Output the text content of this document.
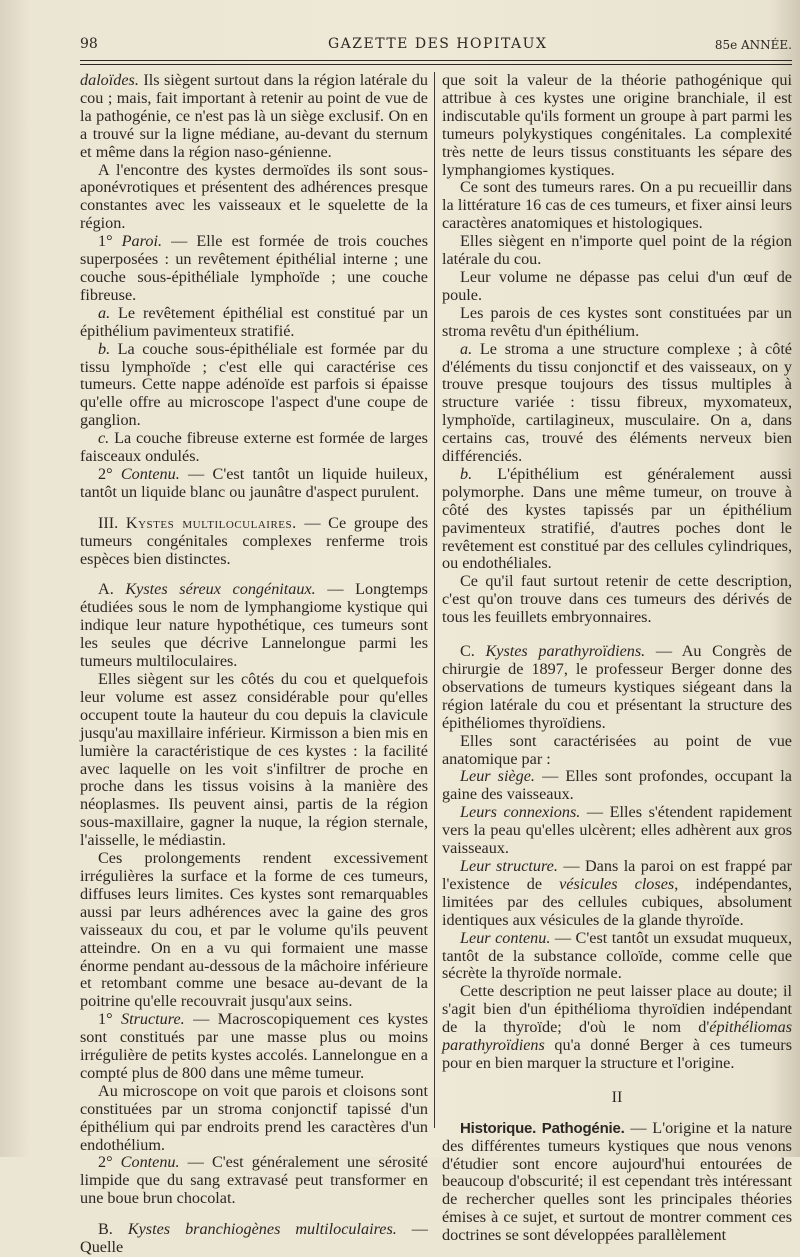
98	GAZETTE DES HOPITAUX	85e ANNÉE.

daloïdes. Ils siègent surtout dans la région latérale du cou ; mais, fait important à retenir au point de vue de la pathogénie, ce n'est pas là un siège exclusif. On en a trouvé sur la ligne médiane, au-devant du sternum et même dans la région naso-génienne.

A l'encontre des kystes dermoïdes ils sont sous-aponévrotiques et présentent des adhérences presque constantes avec les vaisseaux et le squelette de la région.

1° Paroi. — Elle est formée de trois couches superposées : un revêtement épithélial interne ; une couche sous-épithéliale lymphoïde ; une couche fibreuse.

a. Le revêtement épithélial est constitué par un épithélium pavimenteux stratifié.

b. La couche sous-épithéliale est formée par du tissu lymphoïde ; c'est elle qui caractérise ces tumeurs. Cette nappe adénoïde est parfois si épaisse qu'elle offre au microscope l'aspect d'une coupe de ganglion.

c. La couche fibreuse externe est formée de larges faisceaux ondulés.

2° Contenu. — C'est tantôt un liquide huileux, tantôt un liquide blanc ou jaunâtre d'aspect purulent.

III. Kystes multiloculaires. — Ce groupe des tumeurs congénitales complexes renferme trois espèces bien distinctes.

A. Kystes séreux congénitaux. — Longtemps étudiées sous le nom de lymphangiome kystique qui indique leur nature hypothétique, ces tumeurs sont les seules que décrive Lannelongue parmi les tumeurs multiloculaires.

Elles siègent sur les côtés du cou et quelquefois leur volume est assez considérable pour qu'elles occupent toute la hauteur du cou depuis la clavicule jusqu'au maxillaire inférieur. Kirmisson a bien mis en lumière la caractéristique de ces kystes : la facilité avec laquelle on les voit s'infiltrer de proche en proche dans les tissus voisins à la manière des néoplasmes. Ils peuvent ainsi, partis de la région sous-maxillaire, gagner la nuque, la région sternale, l'aisselle, le médiastin.

Ces prolongements rendent excessivement irrégulières la surface et la forme de ces tumeurs, diffuses leurs limites. Ces kystes sont remarquables aussi par leurs adhérences avec la gaine des gros vaisseaux du cou, et par le volume qu'ils peuvent atteindre. On en a vu qui formaient une masse énorme pendant au-dessous de la mâchoire inférieure et retombant comme une besace au-devant de la poitrine qu'elle recouvrait jusqu'aux seins.

1° Structure. — Macroscopiquement ces kystes sont constitués par une masse plus ou moins irrégulière de petits kystes accolés. Lannelongue en a compté plus de 800 dans une même tumeur.

Au microscope on voit que parois et cloisons sont constituées par un stroma conjonctif tapissé d'un épithélium qui par endroits prend les caractères d'un endothélium.

2° Contenu. — C'est généralement une sérosité limpide que du sang extravasé peut transformer en une boue brun chocolat.

B. Kystes branchiogènes multiloculaires. — Quelle

que soit la valeur de la théorie pathogénique qui attribue à ces kystes une origine branchiale, il est indiscutable qu'ils forment un groupe à part parmi les tumeurs polykystiques congénitales. La complexité très nette de leurs tissus constituants les sépare des lymphangiomes kystiques.

Ce sont des tumeurs rares. On a pu recueillir dans la littérature 16 cas de ces tumeurs, et fixer ainsi leurs caractères anatomiques et histologiques.

Elles siègent en n'importe quel point de la région latérale du cou.

Leur volume ne dépasse pas celui d'un œuf de poule.

Les parois de ces kystes sont constituées par un stroma revêtu d'un épithélium.

a. Le stroma a une structure complexe ; à côté d'éléments du tissu conjonctif et des vaisseaux, on y trouve presque toujours des tissus multiples à structure variée : tissu fibreux, myxomateux, lymphoïde, cartilagineux, musculaire. On a, dans certains cas, trouvé des éléments nerveux bien différenciés.

b. L'épithélium est généralement aussi polymorphe. Dans une même tumeur, on trouve à côté des kystes tapissés par un épithélium pavimenteux stratifié, d'autres poches dont le revêtement est constitué par des cellules cylindriques, ou endothéliales.

Ce qu'il faut surtout retenir de cette description, c'est qu'on trouve dans ces tumeurs des dérivés de tous les feuillets embryonnaires.

C. Kystes parathyroïdiens. — Au Congrès de chirurgie de 1897, le professeur Berger donne des observations de tumeurs kystiques siégeant dans la région latérale du cou et présentant la structure des épithéliomes thyroïdiens.

Elles sont caractérisées au point de vue anatomique par :

Leur siège. — Elles sont profondes, occupant la gaine des vaisseaux.

Leurs connexions. — Elles s'étendent rapidement vers la peau qu'elles ulcèrent; elles adhèrent aux gros vaisseaux.

Leur structure. — Dans la paroi on est frappé par l'existence de vésicules closes, indépendantes, limitées par des cellules cubiques, absolument identiques aux vésicules de la glande thyroïde.

Leur contenu. — C'est tantôt un exsudat muqueux, tantôt de la substance colloïde, comme celle que sécrète la thyroïde normale.

Cette description ne peut laisser place au doute; il s'agit bien d'un épithélioma thyroïdien indépendant de la thyroïde; d'où le nom d'épithéliomas parathyroïdiens qu'a donné Berger à ces tumeurs pour en bien marquer la structure et l'origine.

II

Historique. Pathogénie. — L'origine et la nature des différentes tumeurs kystiques que nous venons d'étudier sont encore aujourd'hui entourées de beaucoup d'obscurité; il est cependant très intéressant de rechercher quelles sont les principales théories émises à ce sujet, et surtout de montrer comment ces doctrines se sont développées parallèlement
